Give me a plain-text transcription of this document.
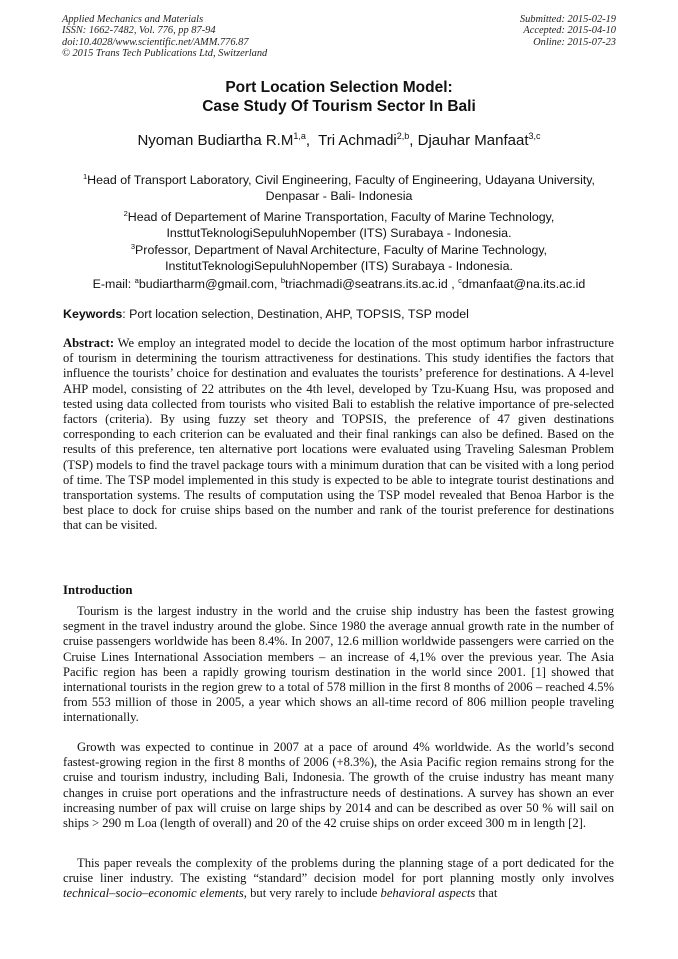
Applied Mechanics and Materials
ISSN: 1662-7482, Vol. 776, pp 87-94
doi:10.4028/www.scientific.net/AMM.776.87
© 2015 Trans Tech Publications Ltd, Switzerland
Submitted: 2015-02-19
Accepted: 2015-04-10
Online: 2015-07-23
Port Location Selection Model:
Case Study Of Tourism Sector In Bali
Nyoman Budiartha $R.M^{1,a}$,  Tri Achmadi$^{2,b}$, Djauhar Manfaat$^{3,c}$
$^1$Head of Transport Laboratory, Civil Engineering, Faculty of Engineering, Udayana University,
Denpasar - Bali- Indonesia
$^2$Head of Departement of Marine Transportation, Faculty of Marine Technology,
InsttutTeknologiSepuluhNopember (ITS) Surabaya - Indonesia.
$^3$Professor, Department of Naval Architecture, Faculty of Marine Technology,
InstitutTeknologiSepuluhNopember (ITS) Surabaya - Indonesia.
E-mail: $^a$budiartharm@gmail.com, $^b$triachmadi@seatrans.its.ac.id , $^c$dmanfaat@na.its.ac.id
Keywords: Port location selection, Destination, AHP, TOPSIS, TSP model

Abstract: We employ an integrated model to decide the location of the most optimum harbor infrastructure of tourism in determining the tourism attractiveness for destinations. This study identifies the factors that influence the tourists’ choice for destination and evaluates the tourists’ preference for destinations. A 4-level AHP model, consisting of 22 attributes on the 4th level, developed by Tzu-Kuang Hsu, was proposed and tested using data collected from tourists who visited Bali to establish the relative importance of pre-selected factors (criteria). By using fuzzy set theory and TOPSIS, the preference of 47 given destinations corresponding to each criterion can be evaluated and their final rankings can also be defined. Based on the results of this preference, ten alternative port locations were evaluated using Traveling Salesman Problem (TSP) models to find the travel package tours with a minimum duration that can be visited with a long period of time. The TSP model implemented in this study is expected to be able to integrate tourist destinations and transportation systems. The results of computation using the TSP model revealed that Benoa Harbor is the best place to dock for cruise ships based on the number and rank of the tourist preference for destinations that can be visited.

Introduction

Tourism is the largest industry in the world and the cruise ship industry has been the fastest growing segment in the travel industry around the globe. Since 1980 the average annual growth rate in the number of cruise passengers worldwide has been 8.4%. In 2007, 12.6 million worldwide passengers were carried on the Cruise Lines International Association members – an increase of 4,1% over the previous year. The Asia Pacific region has been a rapidly growing tourism destination in the world since 2001. [1] showed that international tourists in the region grew to a total of 578 million in the first 8 months of 2006 – reached 4.5% from 553 million of those in 2005, a year which shows an all-time record of 806 million people traveling internationally.

Growth was expected to continue in 2007 at a pace of around 4% worldwide. As the world’s second fastest-growing region in the first 8 months of 2006 (+8.3%), the Asia Pacific region remains strong for the cruise and tourism industry, including Bali, Indonesia. The growth of the cruise industry has meant many changes in cruise port operations and the infrastructure needs of destinations. A survey has shown an ever increasing number of pax will cruise on large ships by 2014 and can be described as over 50 % will sail on ships > 290 m Loa (length of overall) and 20 of the 42 cruise ships on order exceed 300 m in length [2].

This paper reveals the complexity of the problems during the planning stage of a port dedicated for the cruise liner industry. The existing “standard” decision model for port planning mostly only involves technical–socio–economic elements, but very rarely to include behavioral aspects that
